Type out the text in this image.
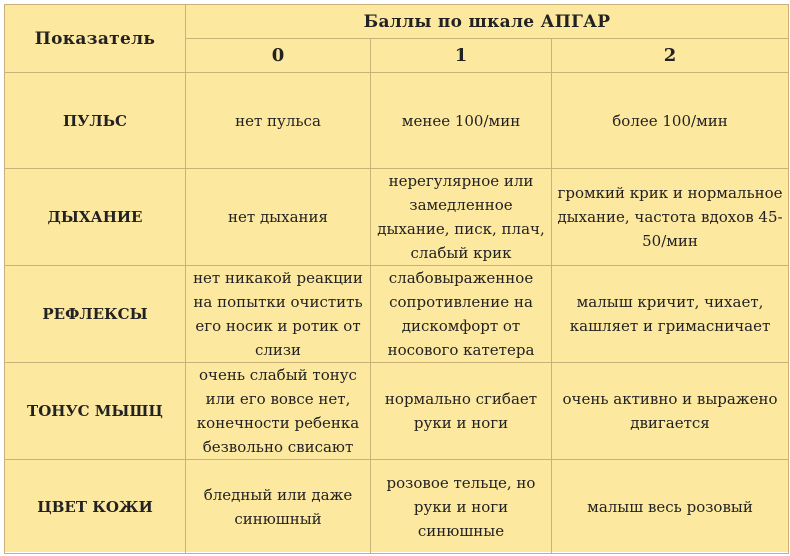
Показатель	Баллы по шкале АПГАР		
	0	1	2
ПУЛЬС	нет пульса	менее 100/мин	более 100/мин
ДЫХАНИЕ	нет дыхания	нерегулярное или замедленное дыхание, писк, плач, слабый крик	громкий крик и нормальное дыхание, частота вдохов 45-50/мин
РЕФЛЕКСЫ	нет никакой реакции на попытки очистить его носик и ротик от слизи	слабовыраженное сопротивление на дискомфорт от носового катетера	малыш кричит, чихает, кашляет и гримасничает
ТОНУС МЫШЦ	очень слабый тонус или его вовсе нет, конечности ребенка безвольно свисают	нормально сгибает руки и ноги	очень активно и выражено двигается
ЦВЕТ КОЖИ	бледный или даже синюшный	розовое тельце, но руки и ноги синюшные	малыш весь розовый
